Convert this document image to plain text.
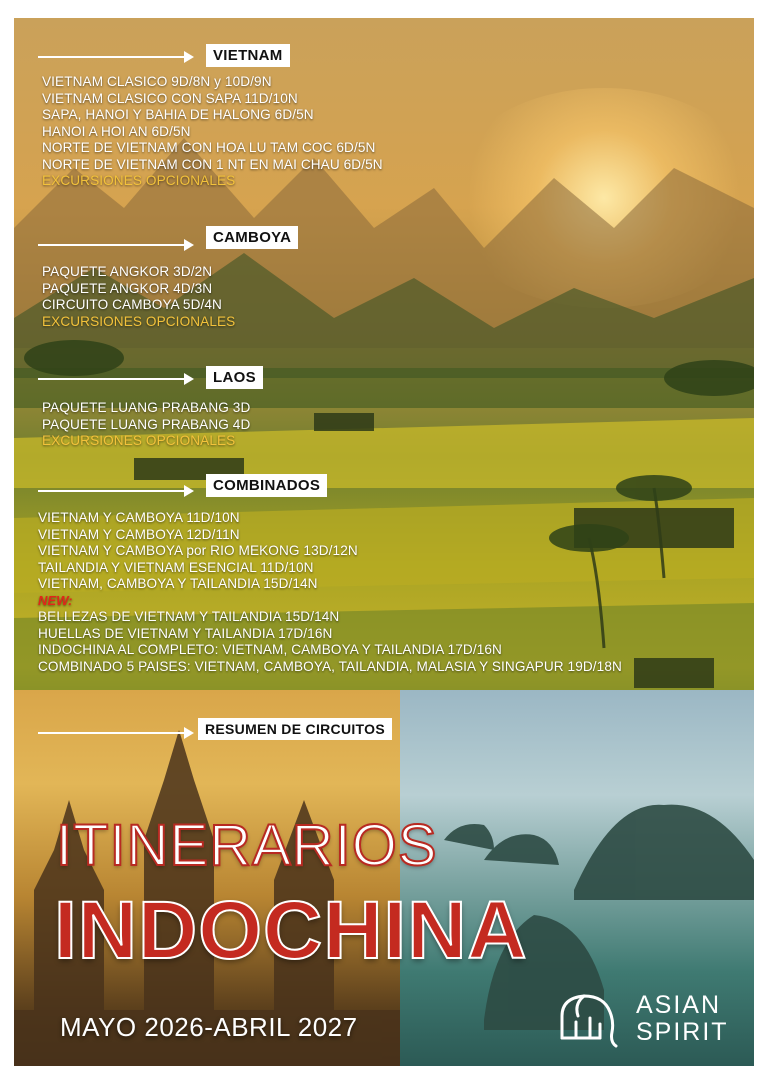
VIETNAM
VIETNAM CLASICO 9D/8N y 10D/9N
VIETNAM CLASICO CON SAPA 11D/10N
SAPA, HANOI Y BAHIA DE HALONG 6D/5N
HANOI A HOI AN 6D/5N
NORTE DE VIETNAM CON HOA LU TAM COC 6D/5N
NORTE DE VIETNAM CON 1 NT EN MAI CHAU 6D/5N
EXCURSIONES OPCIONALES
CAMBOYA
PAQUETE ANGKOR 3D/2N
PAQUETE ANGKOR 4D/3N
CIRCUITO CAMBOYA 5D/4N
EXCURSIONES OPCIONALES
LAOS
PAQUETE LUANG PRABANG 3D
PAQUETE LUANG PRABANG 4D
EXCURSIONES OPCIONALES
COMBINADOS
VIETNAM Y CAMBOYA 11D/10N
VIETNAM Y CAMBOYA 12D/11N
VIETNAM Y CAMBOYA por RIO MEKONG 13D/12N
TAILANDIA Y VIETNAM ESENCIAL 11D/10N
VIETNAM, CAMBOYA Y TAILANDIA 15D/14N
NEW:
BELLEZAS DE VIETNAM Y TAILANDIA 15D/14N
HUELLAS DE VIETNAM Y TAILANDIA 17D/16N
INDOCHINA AL COMPLETO: VIETNAM, CAMBOYA Y TAILANDIA 17D/16N
COMBINADO 5 PAISES: VIETNAM, CAMBOYA, TAILANDIA, MALASIA Y SINGAPUR 19D/18N
RESUMEN DE CIRCUITOS
ITINERARIOS
INDOCHINA
MAYO 2026-ABRIL 2027
ASIAN
SPIRIT
